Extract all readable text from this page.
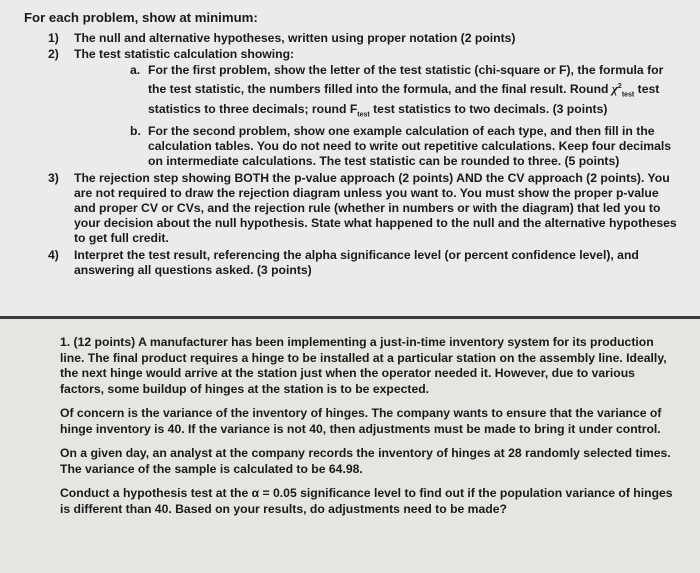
For each problem, show at minimum:
1) The null and alternative hypotheses, written using proper notation (2 points)
2) The test statistic calculation showing:
a. For the first problem, show the letter of the test statistic (chi-square or F), the formula for the test statistic, the numbers filled into the formula, and the final result. Round $\chi^2_{test}$ test statistics to three decimals; round $F_{test}$ test statistics to two decimals. (3 points)
b. For the second problem, show one example calculation of each type, and then fill in the calculation tables. You do not need to write out repetitive calculations. Keep four decimals on intermediate calculations. The test statistic can be rounded to three. (5 points)
3) The rejection step showing BOTH the p-value approach (2 points) AND the CV approach (2 points). You are not required to draw the rejection diagram unless you want to. You must show the proper p-value and proper CV or CVs, and the rejection rule (whether in numbers or with the diagram) that led you to your decision about the null hypothesis. State what happened to the null and the alternative hypotheses to get full credit.
4) Interpret the test result, referencing the alpha significance level (or percent confidence level), and answering all questions asked. (3 points)

1. (12 points) A manufacturer has been implementing a just-in-time inventory system for its production line. The final product requires a hinge to be installed at a particular station on the assembly line. Ideally, the next hinge would arrive at the station just when the operator needed it. However, due to various factors, some buildup of hinges at the station is to be expected.

Of concern is the variance of the inventory of hinges. The company wants to ensure that the variance of hinge inventory is 40. If the variance is not 40, then adjustments must be made to bring it under control.

On a given day, an analyst at the company records the inventory of hinges at 28 randomly selected times. The variance of the sample is calculated to be 64.98.

Conduct a hypothesis test at the α = 0.05 significance level to find out if the population variance of hinges is different than 40. Based on your results, do adjustments need to be made?
